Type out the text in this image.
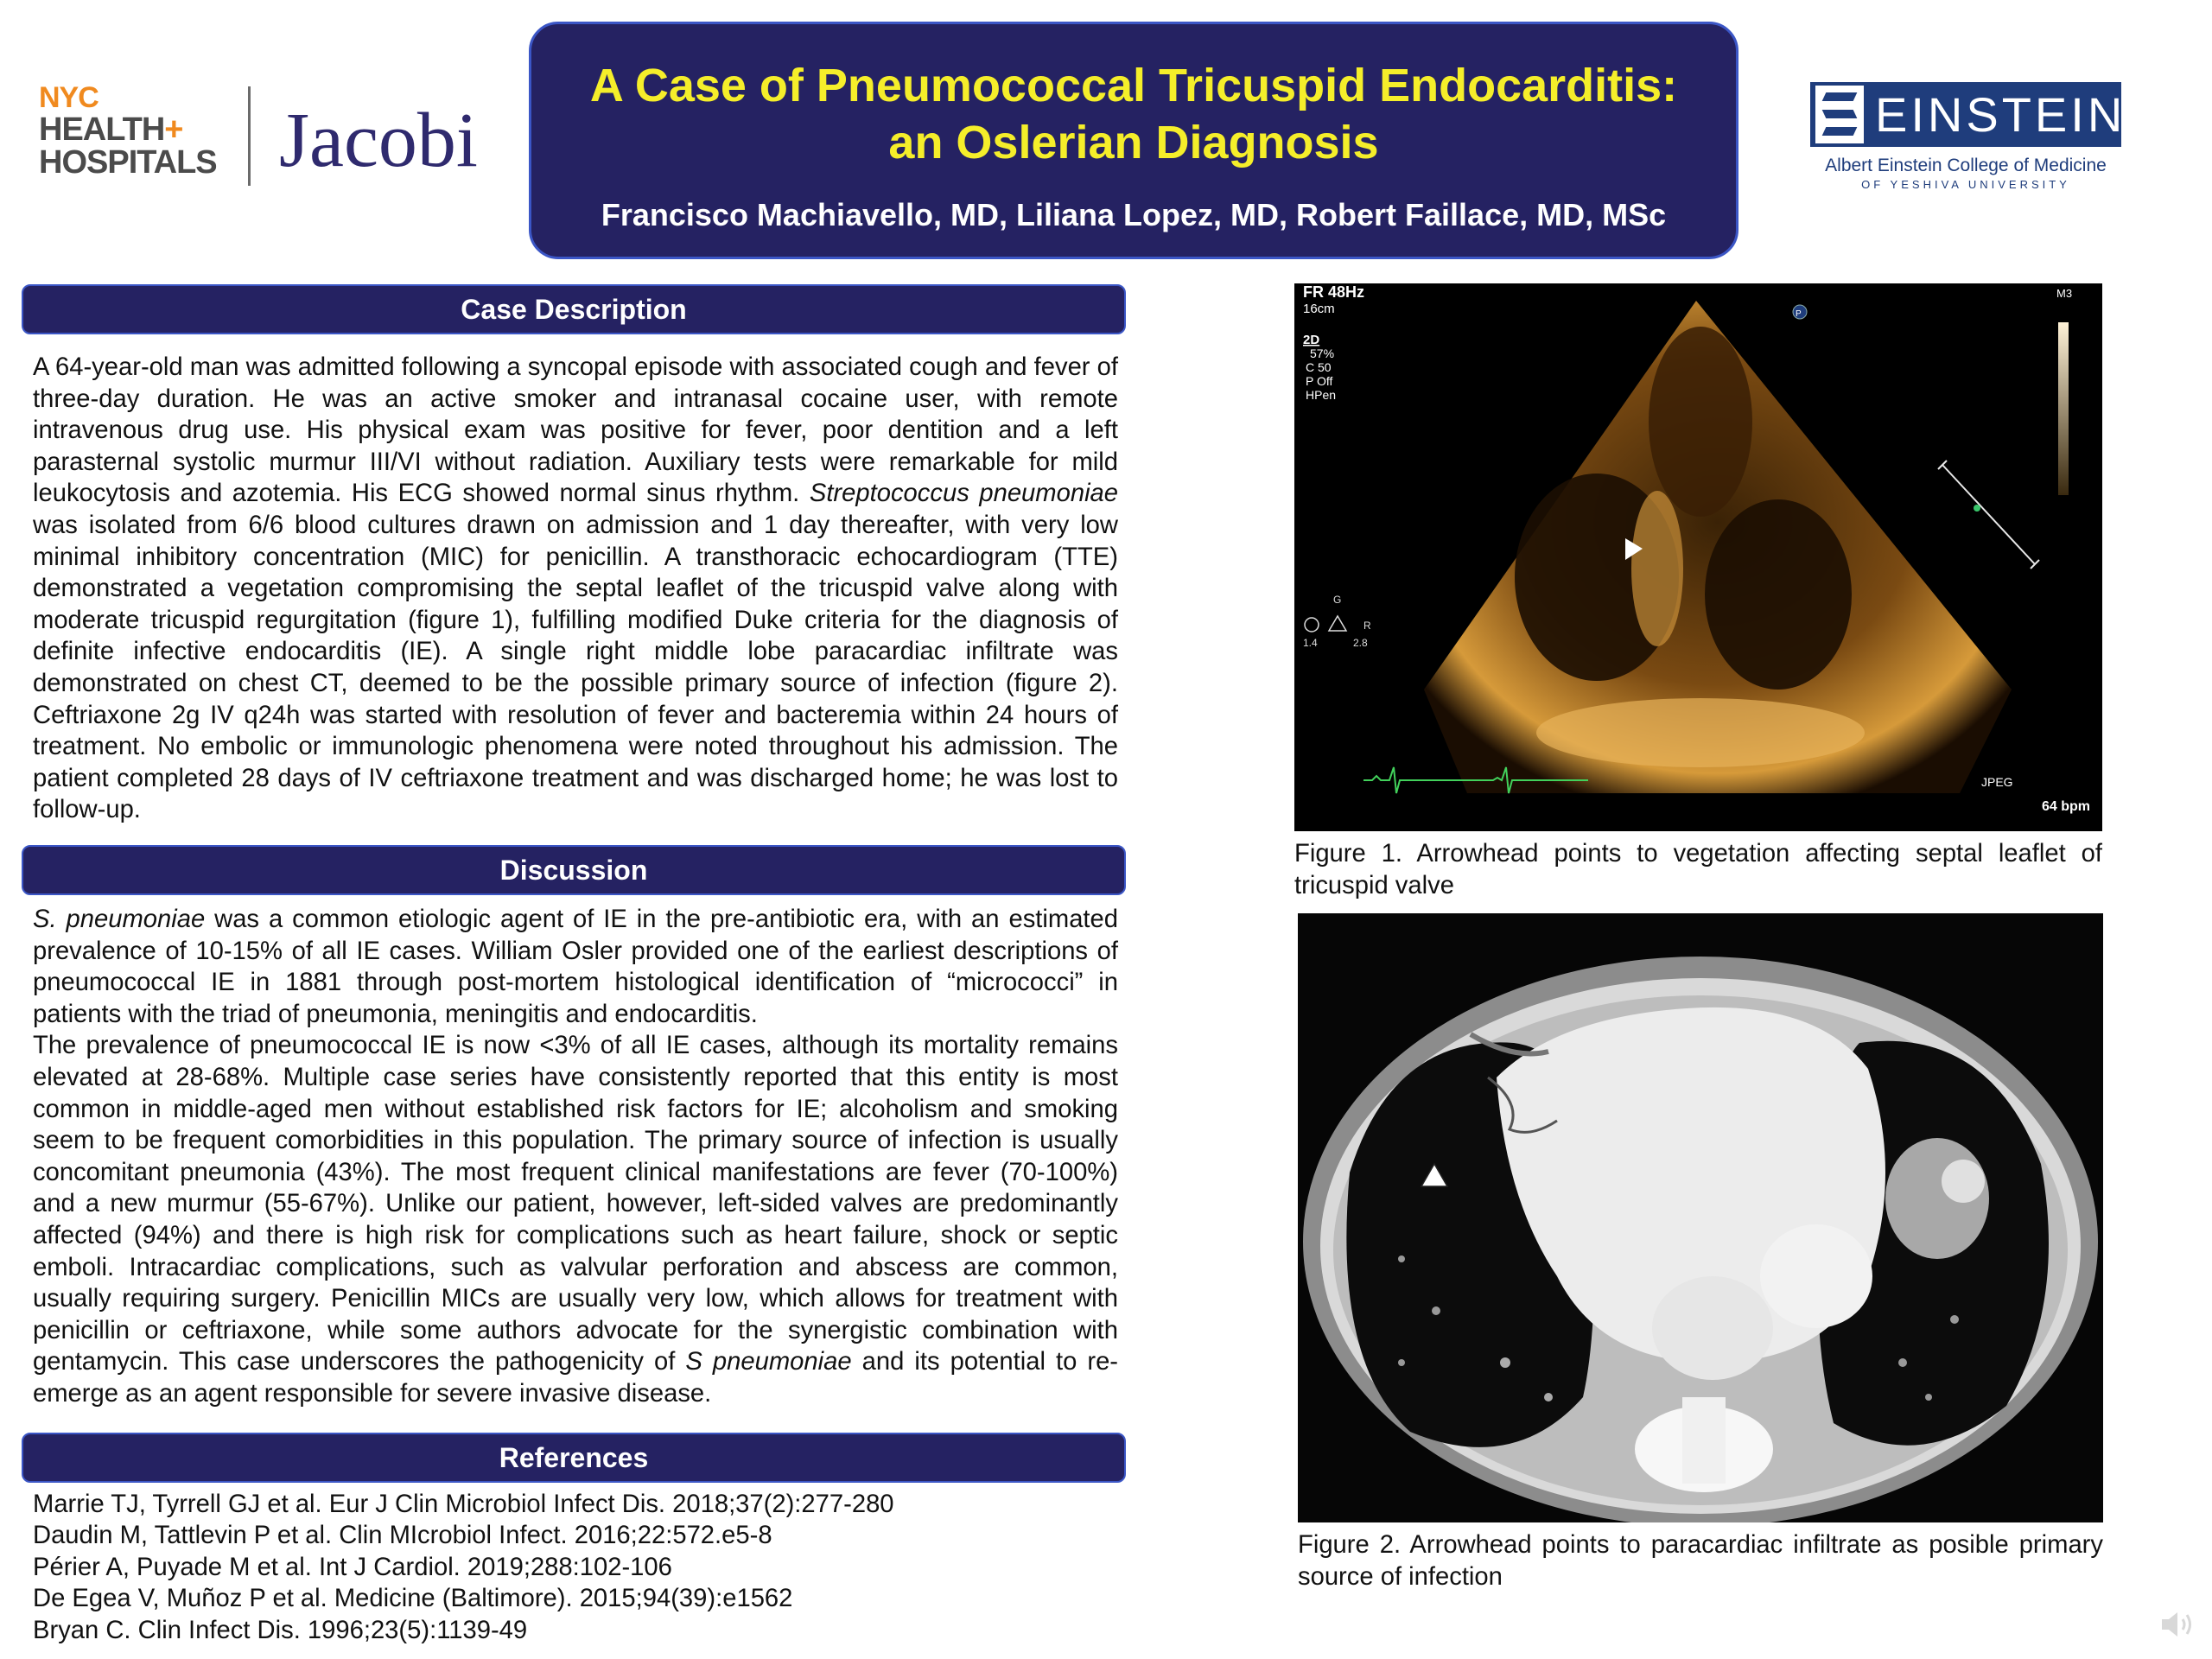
NYC
HEALTH+
HOSPITALS Jacobi
A Case of Pneumococcal Tricuspid Endocarditis: an Oslerian Diagnosis
Francisco Machiavello, MD, Liliana Lopez, MD, Robert Faillace, MD, MSc
EINSTEIN
Albert Einstein College of Medicine
OF YESHIVA UNIVERSITY
Case Description

A 64-year-old man was admitted following a syncopal episode with associated cough and fever of three-day duration. He was an active smoker and intranasal cocaine user, with remote intravenous drug use. His physical exam was positive for fever, poor dentition and a left parasternal systolic murmur III/VI without radiation. Auxiliary tests were remarkable for mild leukocytosis and azotemia. His ECG showed normal sinus rhythm. Streptococcus pneumoniae was isolated from 6/6 blood cultures drawn on admission and 1 day thereafter, with very low minimal inhibitory concentration (MIC) for penicillin. A transthoracic echocardiogram (TTE) demonstrated a vegetation compromising the septal leaflet of the tricuspid valve along with moderate tricuspid regurgitation (figure 1), fulfilling modified Duke criteria for the diagnosis of definite infective endocarditis (IE). A single right middle lobe paracardiac infiltrate was demonstrated on chest CT, deemed to be the possible primary source of infection (figure 2). Ceftriaxone 2g IV q24h was started with resolution of fever and bacteremia within 24 hours of treatment. No embolic or immunologic phenomena were noted throughout his admission. The patient completed 28 days of IV ceftriaxone treatment and was discharged home; he was lost to follow-up.

Discussion

S. pneumoniae was a common etiologic agent of IE in the pre-antibiotic era, with an estimated prevalence of 10-15% of all IE cases. William Osler provided one of the earliest descriptions of pneumococcal IE in 1881 through post-mortem histological identification of “micrococci” in patients with the triad of pneumonia, meningitis and endocarditis.

The prevalence of pneumococcal IE is now <3% of all IE cases, although its mortality remains elevated at 28-68%. Multiple case series have consistently reported that this entity is most common in middle-aged men without established risk factors for IE; alcoholism and smoking seem to be frequent comorbidities in this population. The primary source of infection is usually concomitant pneumonia (43%). The most frequent clinical manifestations are fever (70-100%) and a new murmur (55-67%). Unlike our patient, however, left-sided valves are predominantly affected (94%) and there is high risk for complications such as heart failure, shock or septic emboli. Intracardiac complications, such as valvular perforation and abscess are common, usually requiring surgery. Penicillin MICs are usually very low, which allows for treatment with penicillin or ceftriaxone, while some authors advocate for the synergistic combination with gentamycin. This case underscores the pathogenicity of S pneumoniae and its potential to re-emerge as an agent responsible for severe invasive disease.

References
Marrie TJ, Tyrrell GJ et al. Eur J Clin Microbiol Infect Dis. 2018;37(2):277-280
Daudin M, Tattlevin P et al. Clin MIcrobiol Infect. 2016;22:572.e5-8
Périer A, Puyade M et al. Int J Cardiol. 2019;288:102-106
De Egea V, Muñoz P et al. Medicine (Baltimore). 2015;94(39):e1562
Bryan C. Clin Infect Dis. 1996;23(5):1139-49
FR 48Hz
16cm
2D
57%
C 50
P Off
HPen
M3
P
G
R
1.4	2.8
JPEG
64 bpm
Figure 1. Arrowhead points to vegetation affecting septal leaflet of tricuspid valve
Figure 2. Arrowhead points to paracardiac infiltrate as posible primary source of infection
